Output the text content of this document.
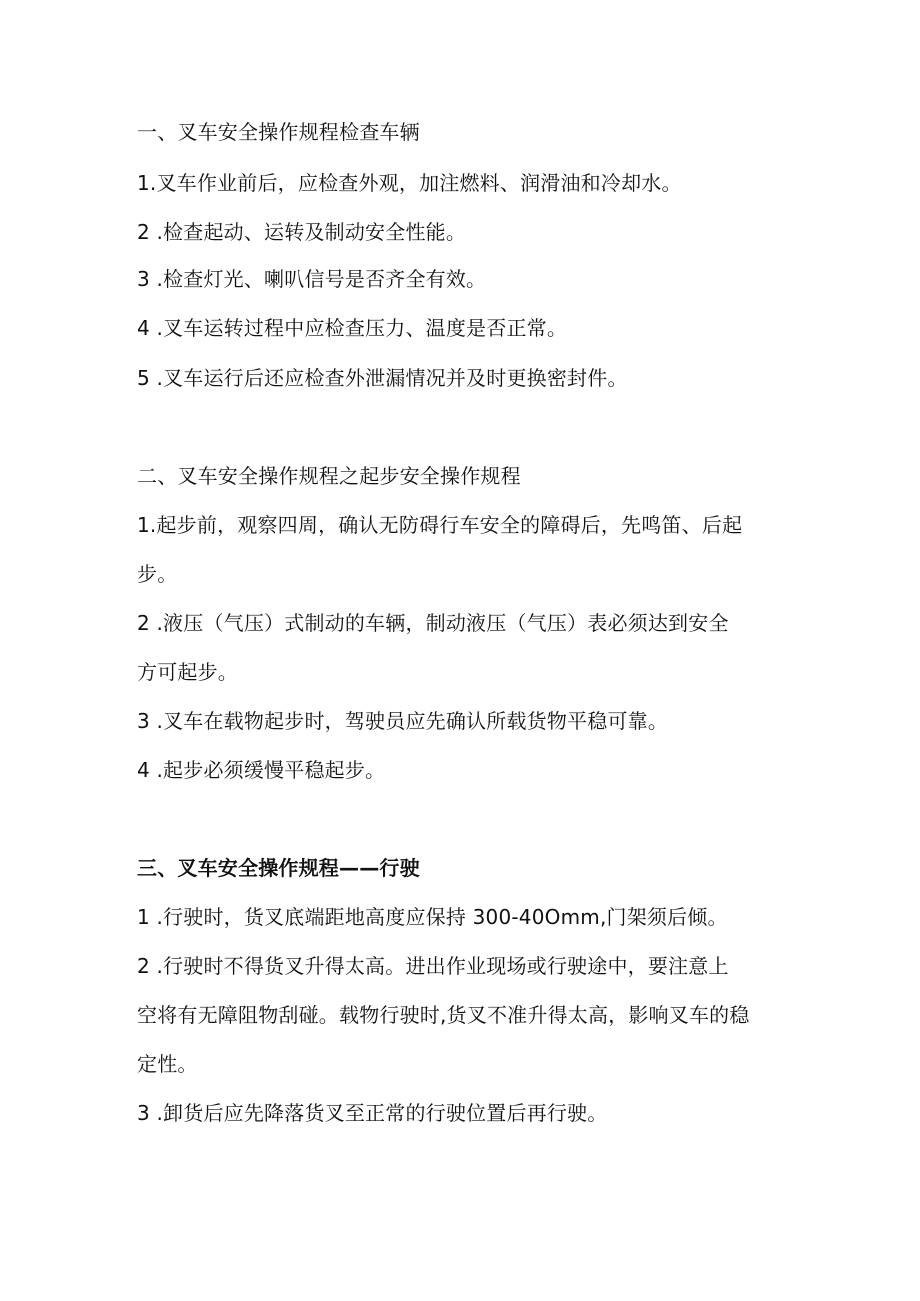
一、叉车安全操作规程检查车辆
1.叉车作业前后，应检查外观，加注燃料、润滑油和冷却水。
2 .检查起动、运转及制动安全性能。
3 .检查灯光、喇叭信号是否齐全有效。
4 .叉车运转过程中应检查压力、温度是否正常。
5 .叉车运行后还应检查外泄漏情况并及时更换密封件。
二、叉车安全操作规程之起步安全操作规程
1.起步前，观察四周，确认无防碍行车安全的障碍后，先鸣笛、后起
步。
2 .液压（气压）式制动的车辆，制动液压（气压）表必须达到安全
方可起步。
3 .叉车在载物起步时，驾驶员应先确认所载货物平稳可靠。
4 .起步必须缓慢平稳起步。
三、叉车安全操作规程——行驶
1 .行驶时，货叉底端距地高度应保持 300-40Omm,门架须后倾。
2 .行驶时不得货叉升得太高。进出作业现场或行驶途中，要注意上
空将有无障阻物刮碰。载物行驶时,货叉不准升得太高，影响叉车的稳
定性。
3 .卸货后应先降落货叉至正常的行驶位置后再行驶。
